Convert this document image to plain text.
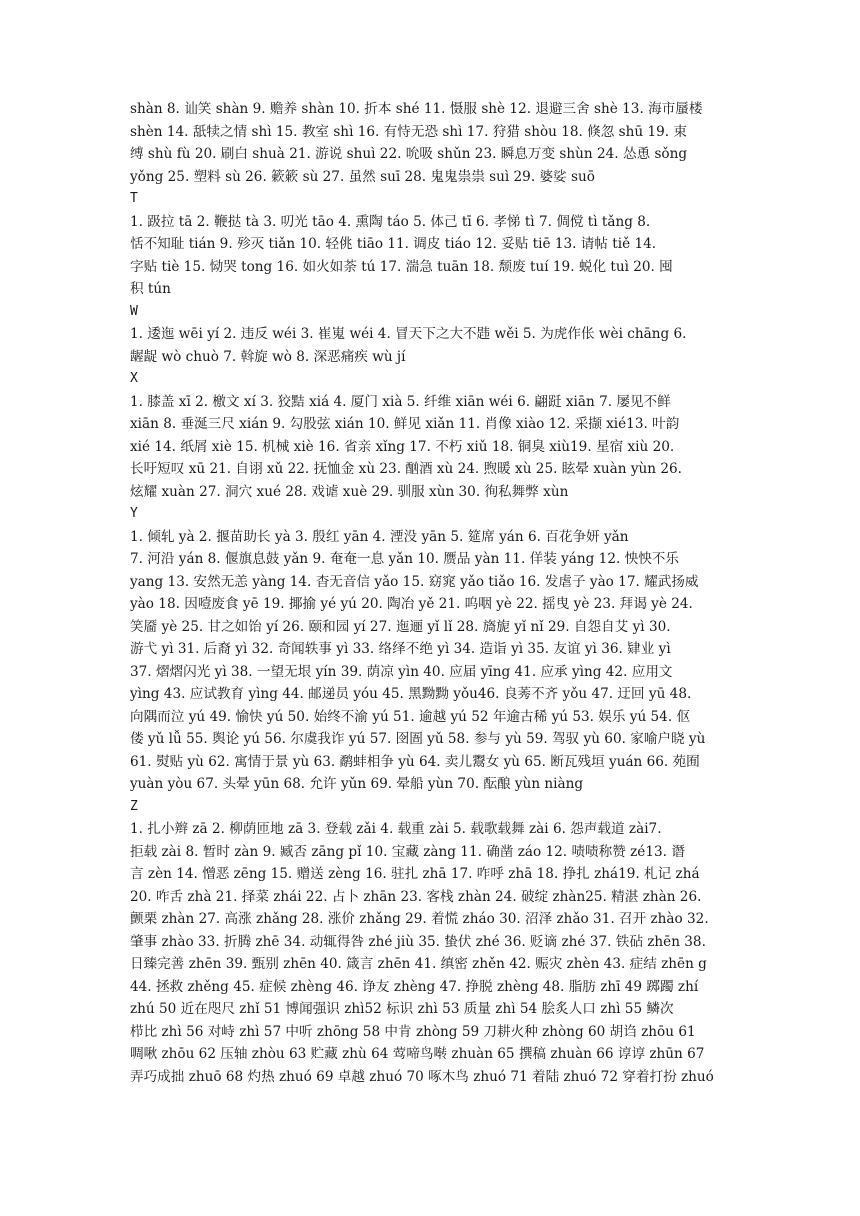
shàn 8. 讪笑 shàn 9. 赡养 shàn 10. 折本 shé 11. 慑服 shè 12. 退避三舍 shè 13. 海市蜃楼
shèn 14. 舐犊之情 shì 15. 教室 shì 16. 有恃无恐 shì 17. 狩猎 shòu 18. 倏忽 shū 19. 束
缚 shù fù 20. 刷白 shuà 21. 游说 shuì 22. 吮吸 shǔn 23. 瞬息万变 shùn 24. 怂恿 sǒng
yǒng 25. 塑料 sù 26. 簌簌 sù 27. 虽然 suī 28. 鬼鬼祟祟 suì 29. 婆娑 suō
T
1. 趿拉 tā 2. 鞭挞 tà 3. 叨光 tāo 4. 熏陶 táo 5. 体己 tī 6. 孝悌 tì 7. 倜傥 tì tǎng 8.
恬不知耻 tián 9. 殄灭 tiǎn 10. 轻佻 tiāo 11. 调皮 tiáo 12. 妥贴 tiē 13. 请帖 tiě 14.
字贴 tiè 15. 恸哭 tong 16. 如火如荼 tú 17. 湍急 tuān 18. 颓废 tuí 19. 蜕化 tuì 20. 囤
积 tún
W
1. 逶迤 wēi yí 2. 违反 wéi 3. 崔嵬 wéi 4. 冒天下之大不韪 wěi 5. 为虎作伥 wèi chāng 6.
龌龊 wò chuò 7. 斡旋 wò 8. 深恶痛疾 wù jí
X
1. 膝盖 xī 2. 檄文 xí 3. 狡黠 xiá 4. 厦门 xià 5. 纤维 xiān wéi 6. 翩跹 xiān 7. 屡见不鲜
xiān 8. 垂涎三尺 xián 9. 勾股弦 xián 10. 鲜见 xiǎn 11. 肖像 xiào 12. 采撷 xié13. 叶韵
xié 14. 纸屑 xiè 15. 机械 xiè 16. 省亲 xǐng 17. 不朽 xiǔ 18. 铜臭 xiù19. 星宿 xiù 20.
长吁短叹 xū 21. 自诩 xǔ 22. 抚恤金 xù 23. 酗酒 xù 24. 煦暖 xù 25. 眩晕 xuàn yùn 26.
炫耀 xuàn 27. 洞穴 xué 28. 戏谑 xuè 29. 驯服 xùn 30. 徇私舞弊 xùn
Y
1. 倾轧 yà 2. 揠苗助长 yà 3. 殷红 yān 4. 湮没 yān 5. 筵席 yán 6. 百花争妍 yǎn
7. 河沿 yán 8. 偃旗息鼓 yǎn 9. 奄奄一息 yǎn 10. 赝品 yàn 11. 佯装 yáng 12. 怏怏不乐
yang 13. 安然无恙 yàng 14. 杳无音信 yǎo 15. 窈窕 yǎo tiǎo 16. 发虐子 yào 17. 耀武扬威
yào 18. 因噎废食 yē 19. 揶揄 yé yú 20. 陶冶 yě 21. 呜咽 yè 22. 摇曳 yè 23. 拜谒 yè 24.
笑靥 yè 25. 甘之如饴 yí 26. 颐和园 yí 27. 迤逦 yǐ lǐ 28. 旖旎 yǐ nǐ 29. 自怨自艾 yì 30.
游弋 yì 31. 后裔 yì 32. 奇闻轶事 yì 33. 络绎不绝 yì 34. 造诣 yì 35. 友谊 yì 36. 肄业 yì
37. 熠熠闪光 yì 38. 一望无垠 yín 39. 荫凉 yìn 40. 应届 yīng 41. 应承 yìng 42. 应用文
yìng 43. 应试教育 yìng 44. 邮递员 yóu 45. 黑黝黝 yǒu46. 良莠不齐 yǒu 47. 迂回 yū 48.
向隅而泣 yú 49. 愉快 yú 50. 始终不渝 yú 51. 逾越 yú 52 年逾古稀 yú 53. 娱乐 yú 54. 伛
偻 yǔ lǚ 55. 舆论 yú 56. 尔虞我诈 yú 57. 囹圄 yǔ 58. 参与 yù 59. 驾驭 yù 60. 家喻户晓 yù
61. 熨贴 yù 62. 寓情于景 yù 63. 鹬蚌相争 yù 64. 卖儿鬻女 yù 65. 断瓦残垣 yuán 66. 苑囿
yuàn yòu 67. 头晕 yūn 68. 允许 yǔn 69. 晕船 yùn 70. 酝酿 yùn niàng
Z
1. 扎小辫 zā 2. 柳荫匝地 zā 3. 登载 zǎi 4. 载重 zài 5. 载歌载舞 zài 6. 怨声载道 zài7.
拒载 zài 8. 暂时 zàn 9. 臧否 zāng pǐ 10. 宝藏 zàng 11. 确凿 záo 12. 啧啧称赞 zé13. 谮
言 zèn 14. 憎恶 zēng 15. 赠送 zèng 16. 驻扎 zhā 17. 咋呼 zhā 18. 挣扎 zhá19. 札记 zhá
20. 咋舌 zhà 21. 择菜 zhái 22. 占卜 zhān 23. 客栈 zhàn 24. 破绽 zhàn25. 精湛 zhàn 26.
颤栗 zhàn 27. 高涨 zhǎng 28. 涨价 zhǎng 29. 着慌 zháo 30. 沼泽 zhǎo 31. 召开 zhào 32.
肇事 zhào 33. 折腾 zhē 34. 动辄得咎 zhé jiù 35. 蛰伏 zhé 36. 贬谪 zhé 37. 铁砧 zhēn 38.
日臻完善 zhēn 39. 甄别 zhēn 40. 箴言 zhēn 41. 缜密 zhěn 42. 赈灾 zhèn 43. 症结 zhēn g
44. 拯救 zhěng 45. 症候 zhèng 46. 诤友 zhèng 47. 挣脱 zhèng 48. 脂肪 zhī 49 踯躅 zhí
zhú 50 近在咫尺 zhǐ 51 博闻强识 zhì52 标识 zhì 53 质量 zhì 54 脍炙人口 zhì 55 鳞次
栉比 zhì 56 对峙 zhì 57 中听 zhōng 58 中肯 zhòng 59 刀耕火种 zhòng 60 胡诌 zhōu 61
啁啾 zhōu 62 压轴 zhòu 63 贮藏 zhù 64 莺啼鸟啭 zhuàn 65 撰稿 zhuàn 66 谆谆 zhūn 67
弄巧成拙 zhuō 68 灼热 zhuó 69 卓越 zhuó 70 啄木鸟 zhuó 71 着陆 zhuó 72 穿着打扮 zhuó
